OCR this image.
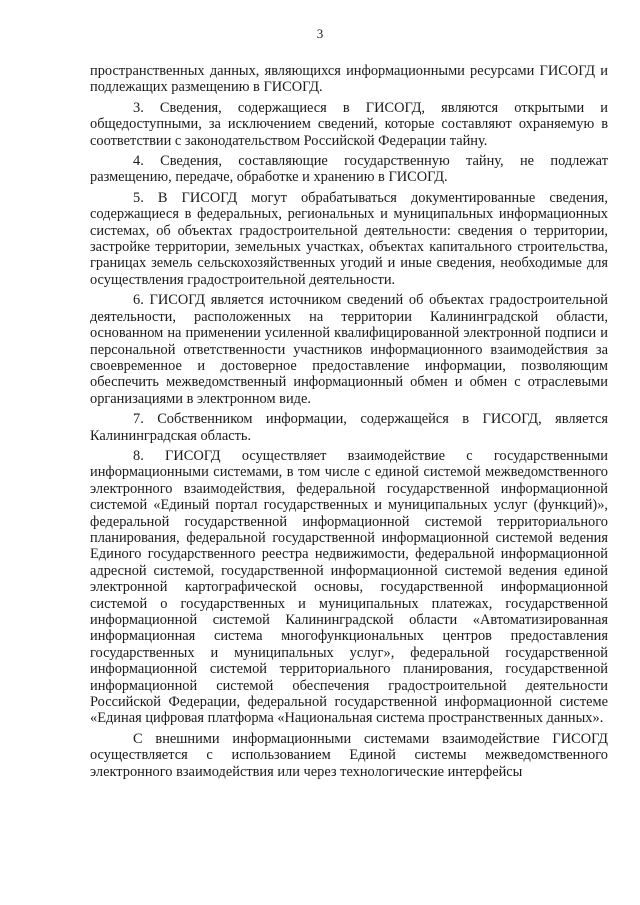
3

пространственных данных, являющихся информационными ресурсами ГИСОГД и подлежащих размещению в ГИСОГД.

3. Сведения, содержащиеся в ГИСОГД, являются открытыми и общедоступными, за исключением сведений, которые составляют охраняемую в соответствии с законодательством Российской Федерации тайну.

4. Сведения, составляющие государственную тайну, не подлежат размещению, передаче, обработке и хранению в ГИСОГД.

5. В ГИСОГД могут обрабатываться документированные сведения, содержащиеся в федеральных, региональных и муниципальных информационных системах, об объектах градостроительной деятельности: сведения о территории, застройке территории, земельных участках, объектах капитального строительства, границах земель сельскохозяйственных угодий и иные сведения, необходимые для осуществления градостроительной деятельности.

6. ГИСОГД является источником сведений об объектах градостроительной деятельности, расположенных на территории Калининградской области, основанном на применении усиленной квалифицированной электронной подписи и персональной ответственности участников информационного взаимодействия за своевременное и достоверное предоставление информации, позволяющим обеспечить межведомственный информационный обмен и обмен с отраслевыми организациями в электронном виде.

7. Собственником информации, содержащейся в ГИСОГД, является Калининградская область.

8. ГИСОГД осуществляет взаимодействие с государственными информационными системами, в том числе с единой системой межведомственного электронного взаимодействия, федеральной государственной информационной системой «Единый портал государственных и муниципальных услуг (функций)», федеральной государственной информационной системой территориального планирования, федеральной государственной информационной системой ведения Единого государственного реестра недвижимости, федеральной информационной адресной системой, государственной информационной системой ведения единой электронной картографической основы, государственной информационной системой о государственных и муниципальных платежах, государственной информационной системой Калининградской области «Автоматизированная информационная система многофункциональных центров предоставления государственных и муниципальных услуг», федеральной государственной информационной системой территориального планирования, государственной информационной системой обеспечения градостроительной деятельности Российской Федерации, федеральной государственной информационной системе «Единая цифровая платформа «Национальная система пространственных данных».

С внешними информационными системами взаимодействие ГИСОГД осуществляется с использованием Единой системы межведомственного электронного взаимодействия или через технологические интерфейсы
